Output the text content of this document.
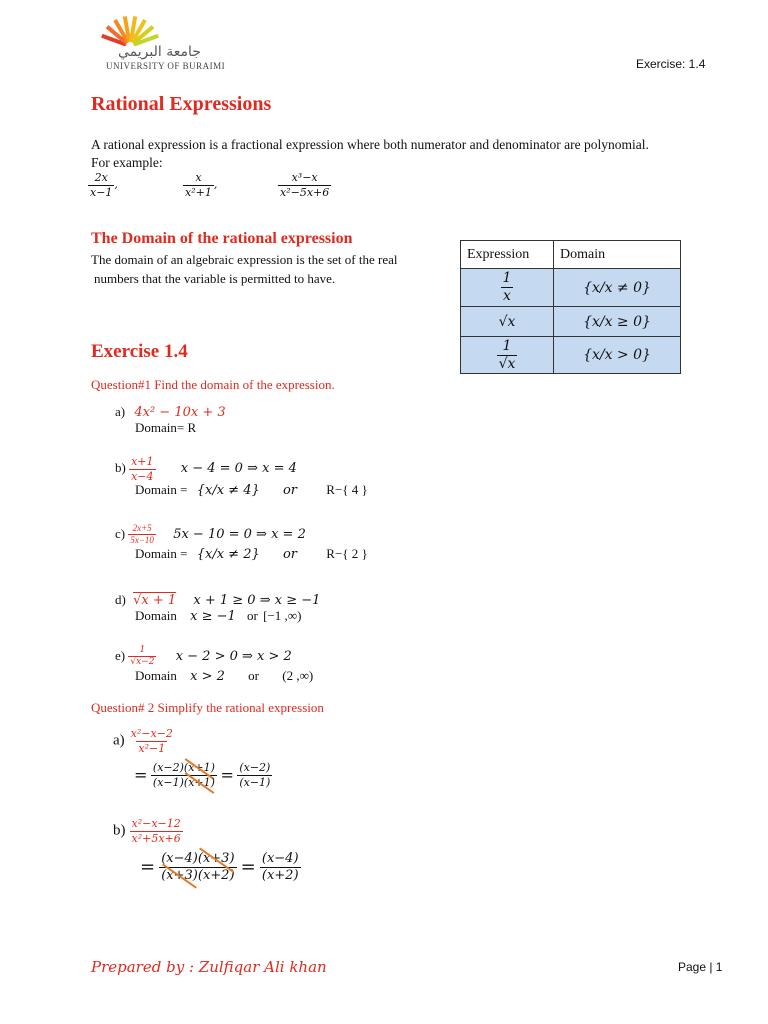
جامعة البريمي
UNIVERSITY OF BURAIMI	Exercise: 1.4
Rational Expressions
A rational expression is a fractional expression where both numerator and denominator are polynomial.
For example:
$\frac{2x}{x-1}$ ,	$\frac{x}{\text{x²+1}}$ ,	$\frac{\text{x³−x}}{\text{x²−5x+6}}$
The Domain of the rational expression
The domain of an algebraic expression is the set of the real
numbers that the variable is permitted to have.
Expression	Domain

$\frac{1}{x}$	{x/x ≠ 0}
√x	{x/x ≥ 0}

$\frac{1}{√x}$	{x/x > 0}
Exercise 1.4
Question#1 Find the domain of the expression.
a) 4x² − 10x + 3
Domain= R
$b) \frac{x+1}{x-4}$ x − 4 = 0 ⇒ x = 4
Domain = {x/x ≠ 4} or R−{ 4 }
$c) \frac{2x+5}{5x-10} 5x - 10 = 0$ ⇒ x = 2
Domain = {x/x ≠ 2} or R−{ 2 }
d) √x + 1 x + 1 ≥ 0 ⇒ x ≥ −1
Domain x ≥ −1 or [−1 ,∞)
$e) \frac{1}{√x-2}$ x − 2 > 0 ⇒ x > 2
Domain x > 2 or (2 ,∞)
Question# 2 Simplify the rational expression
$a) \frac{\text{x²−x−2}}{\text{x²−1}}$
= $\frac{(x-2)(x+1)}{(x-1)(x+1)} = \frac{(x-2)}{(x-1)}$
$b) \frac{\text{x²−x−12}}{\text{x²+5x+6}}$
= $\frac{(x-4)(x+3)}{(x+3)(x+2)} = \frac{(x-4)}{(x+2)}$
Prepared by : Zulfiqar Ali khan	Page | 1
